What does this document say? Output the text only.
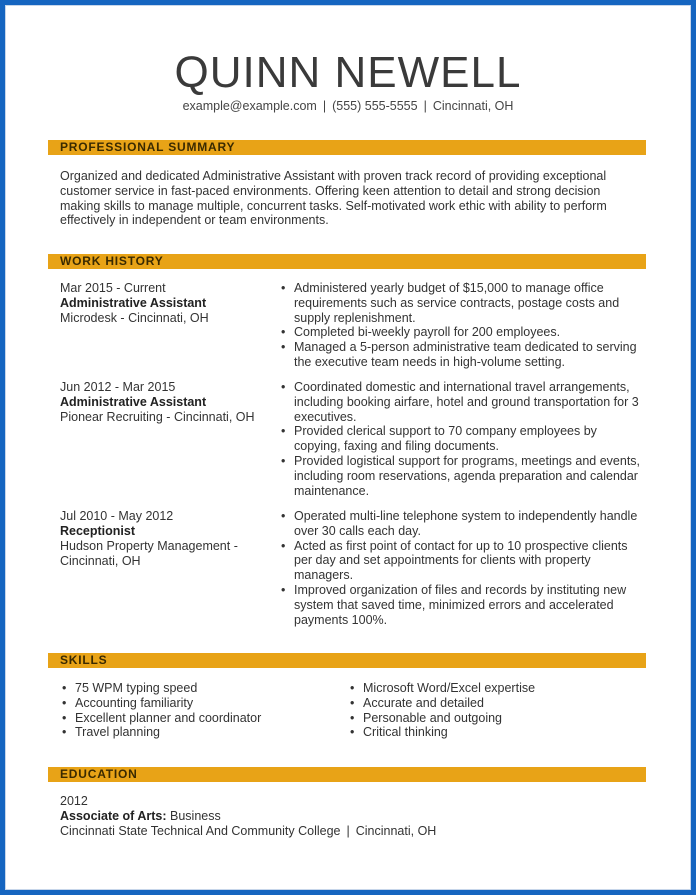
QUINN NEWELL
example@example.com | (555) 555-5555 | Cincinnati, OH
PROFESSIONAL SUMMARY
Organized and dedicated Administrative Assistant with proven track record of providing exceptional customer service in fast-paced environments. Offering keen attention to detail and strong decision making skills to manage multiple, concurrent tasks. Self-motivated work ethic with ability to perform effectively in independent or team environments.
WORK HISTORY
Mar 2015 - Current
Administrative Assistant
Microdesk - Cincinnati, OH
• Administered yearly budget of $15,000 to manage office requirements such as service contracts, postage costs and supply replenishment.
• Completed bi-weekly payroll for 200 employees.
• Managed a 5-person administrative team dedicated to serving the executive team needs in high-volume setting.
Jun 2012 - Mar 2015
Administrative Assistant
Pionear Recruiting - Cincinnati, OH
• Coordinated domestic and international travel arrangements, including booking airfare, hotel and ground transportation for 3 executives.
• Provided clerical support to 70 company employees by copying, faxing and filing documents.
• Provided logistical support for programs, meetings and events, including room reservations, agenda preparation and calendar maintenance.
Jul 2010 - May 2012
Receptionist
Hudson Property Management - Cincinnati, OH
• Operated multi-line telephone system to independently handle over 30 calls each day.
• Acted as first point of contact for up to 10 prospective clients per day and set appointments for clients with property managers.
• Improved organization of files and records by instituting new system that saved time, minimized errors and accelerated payments 100%.
SKILLS
• 75 WPM typing speed
• Accounting familiarity
• Excellent planner and coordinator
• Travel planning
• Microsoft Word/Excel expertise
• Accurate and detailed
• Personable and outgoing
• Critical thinking
EDUCATION
2012
Associate of Arts: Business
Cincinnati State Technical And Community College | Cincinnati, OH
